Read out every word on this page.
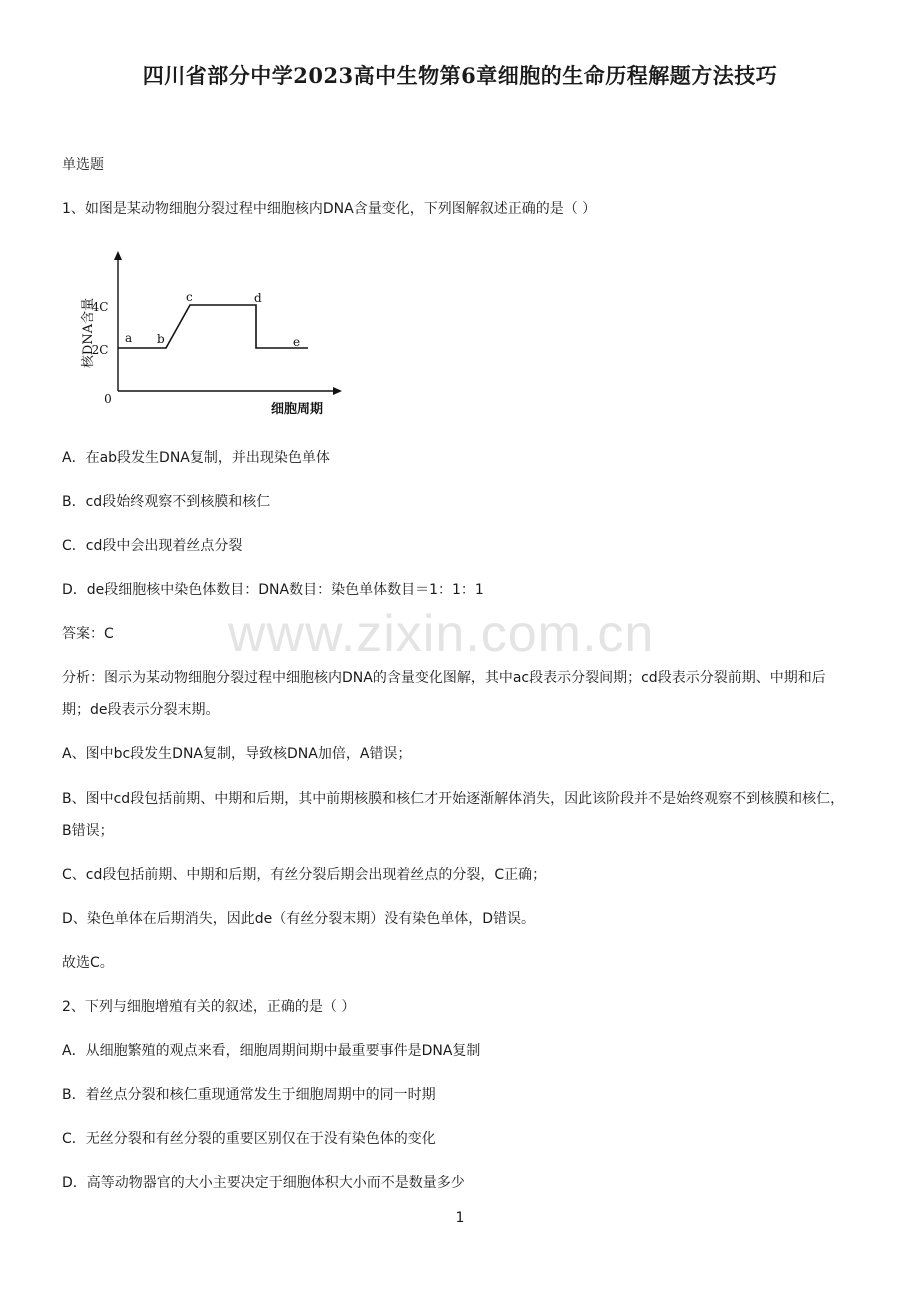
四川省部分中学2023高中生物第6章细胞的生命历程解题方法技巧
单选题
1、如图是某动物细胞分裂过程中细胞核内DNA含量变化，下列图解叙述正确的是（ ）
核DNA含量
细胞周期
0
2C
4C
a b
c	d
e
A．在ab段发生DNA复制，并出现染色单体
B．cd段始终观察不到核膜和核仁
C．cd段中会出现着丝点分裂
D．de段细胞核中染色体数目：DNA数目：染色单体数目＝1：1：1
www.zixin.com.cn
答案：C
分析：图示为某动物细胞分裂过程中细胞核内DNA的含量变化图解，其中ac段表示分裂间期；cd段表示分裂前期、中期和后期；de段表示分裂末期。
A、图中bc段发生DNA复制，导致核DNA加倍，A错误；
B、图中cd段包括前期、中期和后期，其中前期核膜和核仁才开始逐渐解体消失，因此该阶段并不是始终观察不到核膜和核仁，B错误；
C、cd段包括前期、中期和后期，有丝分裂后期会出现着丝点的分裂，C正确；
D、染色单体在后期消失，因此de（有丝分裂末期）没有染色单体，D错误。
故选C。
2、下列与细胞增殖有关的叙述，正确的是（ ）
A．从细胞繁殖的观点来看，细胞周期间期中最重要事件是DNA复制
B．着丝点分裂和核仁重现通常发生于细胞周期中的同一时期
C．无丝分裂和有丝分裂的重要区别仅在于没有染色体的变化
D．高等动物器官的大小主要决定于细胞体积大小而不是数量多少
1
